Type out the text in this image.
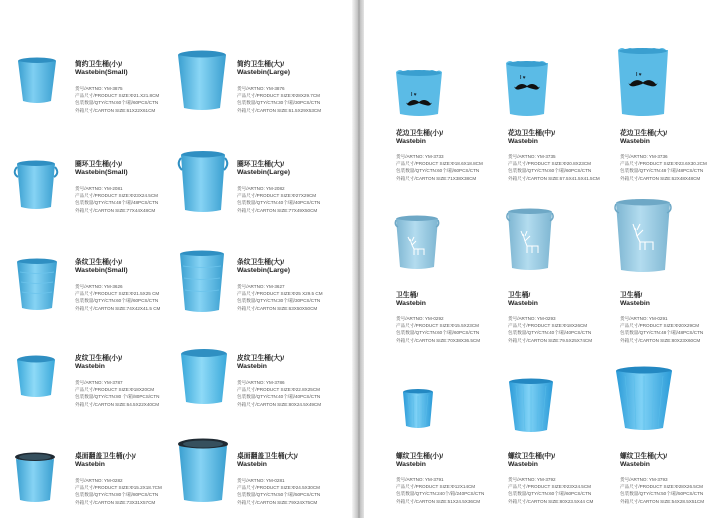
简约卫生桶(小)/
Wastebin(Small)
货号/ARTNO: YM-3875
产品尺寸/PRODUCT SIZE:Φ21.X21.8CM
包装数量/QTY/CTN:60个/箱/60PCS/CTN
外箱尺寸/CARTON SIZE:61X22X61CM
简约卫生桶(大)/
Wastebin(Large)
货号/ARTNO: YM-3876
产品尺寸/PRODUCT SIZE:Φ28X29.7CM
包装数量/QTY/CTN:30个/箱/30PCS/CTN
外箱尺寸/CARTON SIZE:61.5X29X53CM
圈环卫生桶(小)/
Wastebin(Small)
货号/ARTNO: YM-2081
产品尺寸/PRODUCT SIZE:Φ23X24.5CM
包装数量/QTY/CTN:48个/箱/48PCS/CTN
外箱尺寸/CARTON SIZE:77X44X48CM
圈环卫生桶(大)/
Wastebin(Large)
货号/ARTNO: YM-2082
产品尺寸/PRODUCT SIZE:Φ27X29CM
包装数量/QTY/CTN:40个/箱/40PCS/CTN
外箱尺寸/CARTON SIZE:77X49X50CM
条纹卫生桶(小)/
Wastebin(Small)
货号/ARTNO: YM-3626
产品尺寸/PRODUCT SIZE:Φ21.5X25 CM
包装数量/QTY/CTN:60个/箱/60PCS/CTN
外箱尺寸/CARTON SIZE:74X42X41.5 CM
条纹卫生桶(大)/
Wastebin(Large)
货号/ARTNO: YM-3627
产品尺寸/PRODUCT SIZE:Φ25 X29.5 CM
包装数量/QTY/CTN:30个/箱/30PCS/CTN
外箱尺寸/CARTON SIZE:63X50X50CM
皮纹卫生桶(小)/
Wastebin
货号/ARTNO: YM-3787
产品尺寸/PRODUCT SIZE:Φ18X20CM
包装数量/QTY/CTN:80 个/箱/80PCS/CTN
外箱尺寸/CARTON SIZE:64.5X22X40CM
皮纹卫生桶(大)/
Wastebin
货号/ARTNO: YM-3786
产品尺寸/PRODUCT SIZE:Φ22.8X25CM
包装数量/QTY/CTN:40个/箱/40PCS/CTN
外箱尺寸/CARTON SIZE:80X24.5X49CM
桌面翻盖卫生桶(小)/
Wastebin
货号/ARTNO: YM-0282
产品尺寸/PRODUCT SIZE:Φ15.2X18.7CM
包装数量/QTY/CTN:80个/箱/80PCS/CTN
外箱尺寸/CARTON SIZE:73X31X57CM
桌面翻盖卫生桶(大)/
Wastebin
货号/ARTNO: YM-0281
产品尺寸/PRODUCT SIZE:Φ24.5X30CM
包装数量/QTY/CTN:50个/箱/50PCS/CTN
外箱尺寸/CARTON SIZE:79X24X75CM
I ♥
花边卫生桶(小)/
Wastebin
货号/ARTNO: YM-3733
产品尺寸/PRODUCT SIZE:Φ18.6X18.8CM
包装数量/QTY/CTN:60个/箱/60PCS/CTN
外箱尺寸/CARTON SIZE:71X38X38CM
I ♥
花边卫生桶(中)/
Wastebin
货号/ARTNO: YM-3735
产品尺寸/PRODUCT SIZE:Φ20.8X23CM
包装数量/QTY/CTN:60个/箱/60PCS/CTN
外箱尺寸/CARTON SIZE:67.5X41.5X41.5CM
I ♥
花边卫生桶(大)/
Wastebin
货号/ARTNO: YM-3736
产品尺寸/PRODUCT SIZE:Φ23.6X30.2CM
包装数量/QTY/CTN:48个/箱/48PCS/CTN
外箱尺寸/CARTON SIZE:62X48X48CM
卫生桶/
Wastebin
货号/ARTNO: YM-0292
产品尺寸/PRODUCT SIZE:Φ15.5X23CM
包装数量/QTY/CTN:60个/箱/60PCS/CTN
外箱尺寸/CARTON SIZE:70X38X36.5CM
卫生桶/
Wastebin
货号/ARTNO: YM-0293
产品尺寸/PRODUCT SIZE:Φ18X26CM
包装数量/QTY/CTN:40个/箱/40PCS/CTN
外箱尺寸/CARTON SIZE:79.5X25X74CM
卫生桶/
Wastebin
货号/ARTNO: YM-0291
产品尺寸/PRODUCT SIZE:Φ20X29CM
包装数量/QTY/CTN:48个/箱/48PCS/CTN
外箱尺寸/CARTON SIZE:80X23X60CM
螺纹卫生桶(小)/
Wastebin
货号/ARTNO: YM-3791
产品尺寸/PRODUCT SIZE:Φ12X14CM
包装数量/QTY/CTN:240个/箱/240PCS/CTN
外箱尺寸/CARTON SIZE:51X24.5X36CM
螺纹卫生桶(中)/
Wastebin
货号/ARTNO: YM-3792
产品尺寸/PRODUCT SIZE:Φ23X24.5CM
包装数量/QTY/CTN:60个/箱/60PCS/CTN
外箱尺寸/CARTON SIZE:80X23.5X44 CM
螺纹卫生桶(大)/
Wastebin
货号/ARTNO: YM-3793
产品尺寸/PRODUCT SIZE:Φ28X26.5CM
包装数量/QTY/CTN:50个/箱/50PCS/CTN
外箱尺寸/CARTON SIZE:54X28.5X51CM
